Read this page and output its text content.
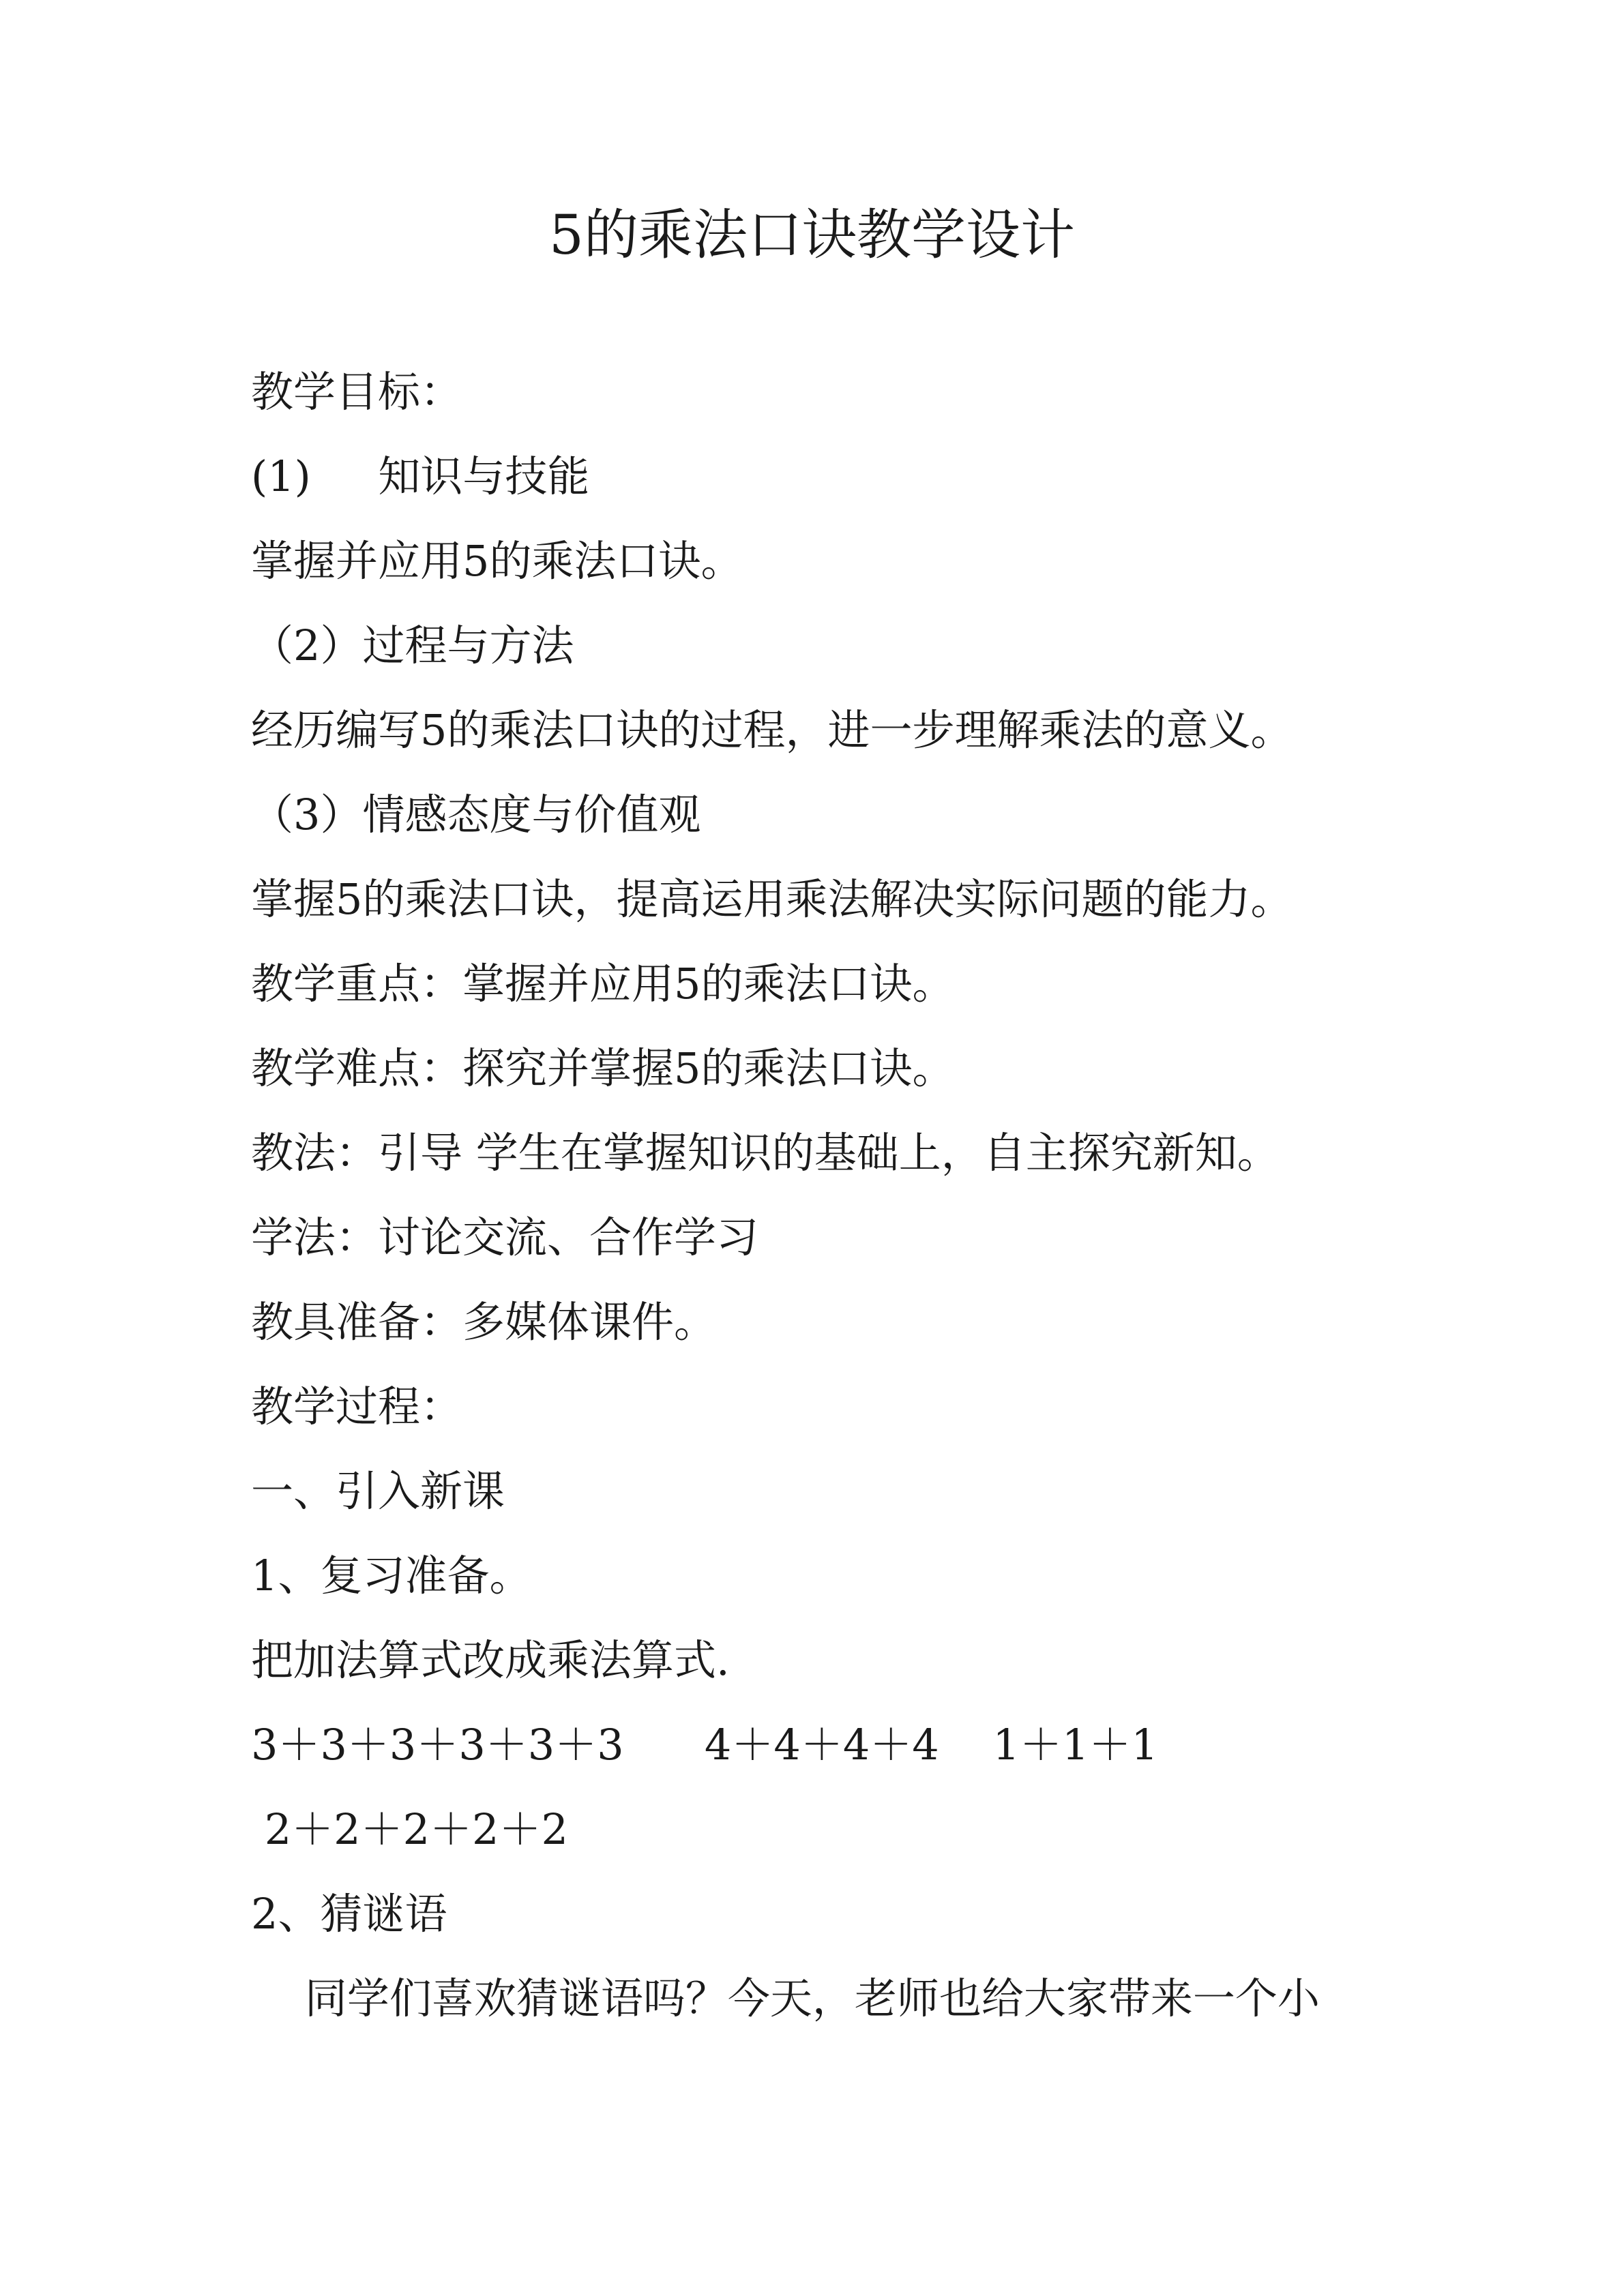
5的乘法口诀教学设计

教学目标：

(1)     知识与技能

掌握并应用5的乘法口诀。

（2）过程与方法

经历编写5的乘法口诀的过程，进一步理解乘法的意义。

（3）情感态度与价值观

掌握5的乘法口诀，提高运用乘法解决实际问题的能力。

教学重点：掌握并应用5的乘法口诀。

教学难点：探究并掌握5的乘法口诀。

教法：引导 学生在掌握知识的基础上，自主探究新知。

学法：讨论交流、合作学习

教具准备：多媒体课件。

教学过程：

一、引入新课

1、复习准备。

把加法算式改成乘法算式.

3＋3＋3＋3＋3＋3      4＋4＋4＋4    1＋1＋1

2＋2＋2＋2＋2

2、猜谜语

同学们喜欢猜谜语吗？今天，老师也给大家带来一个小
